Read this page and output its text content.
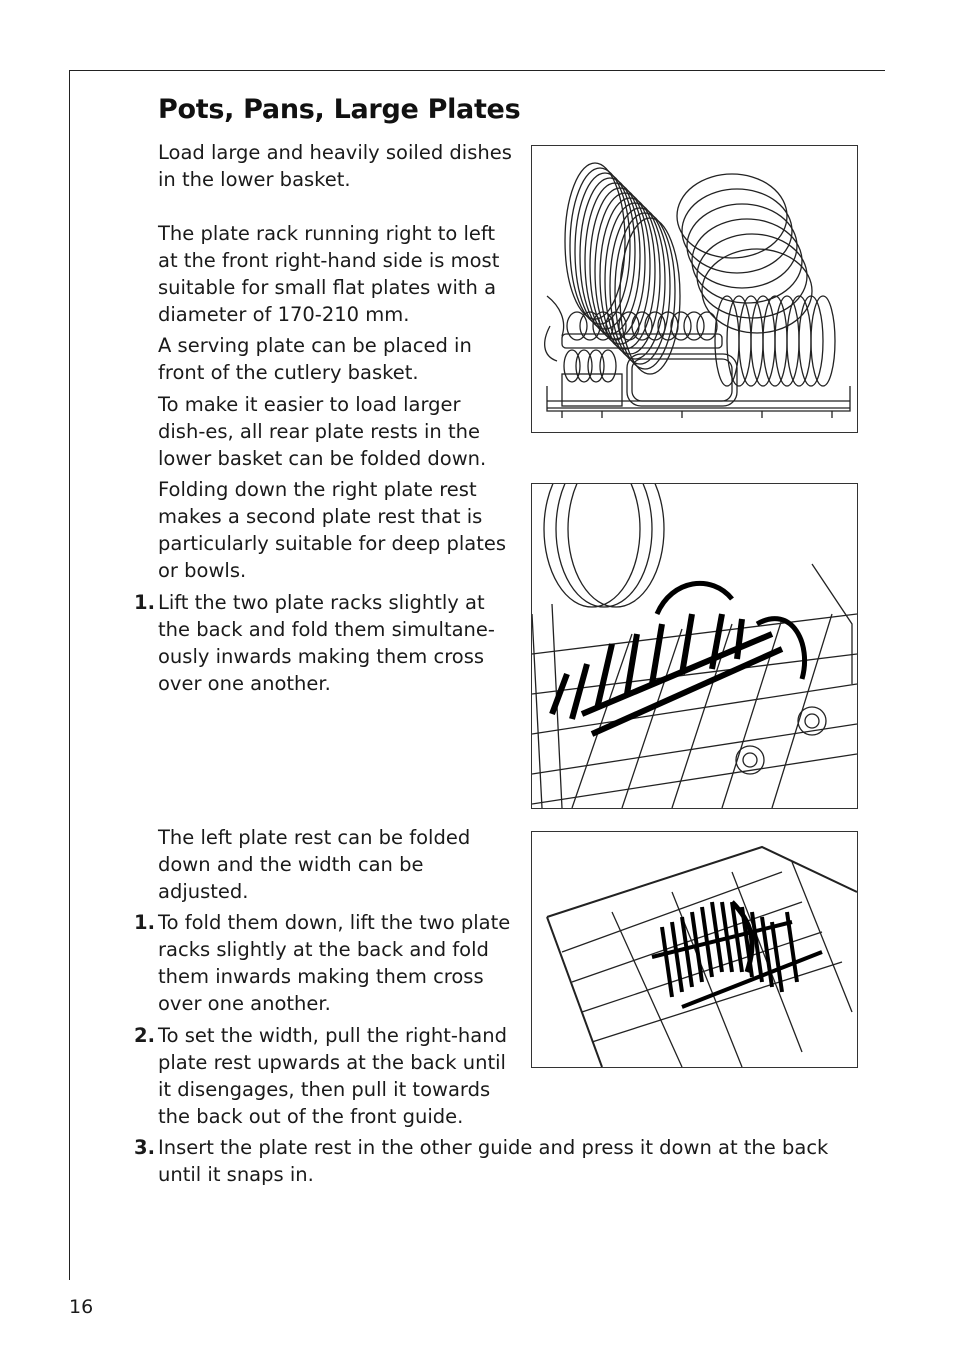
Pots, Pans, Large Plates

Load large and heavily soiled dishes in the lower basket.

The plate rack running right to left at the front right-hand side is most suitable for small flat plates with a diameter of 170-210 mm.

A serving plate can be placed in front of the cutlery basket.

To make it easier to load larger dish-es, all rear plate rests in the lower basket can be folded down.

Folding down the right plate rest makes a second plate rest that is particularly suitable for deep plates or bowls.

1. Lift the two plate racks slightly at the back and fold them simultane-ously inwards making them cross over one another.

The left plate rest can be folded down and the width can be adjusted.

1. To fold them down, lift the two plate racks slightly at the back and fold them inwards making them cross over one another.

2. To set the width, pull the right-hand plate rest upwards at the back until it disengages, then pull it towards the back out of the front guide.

3. Insert the plate rest in the other guide and press it down at the back until it snaps in.

16
